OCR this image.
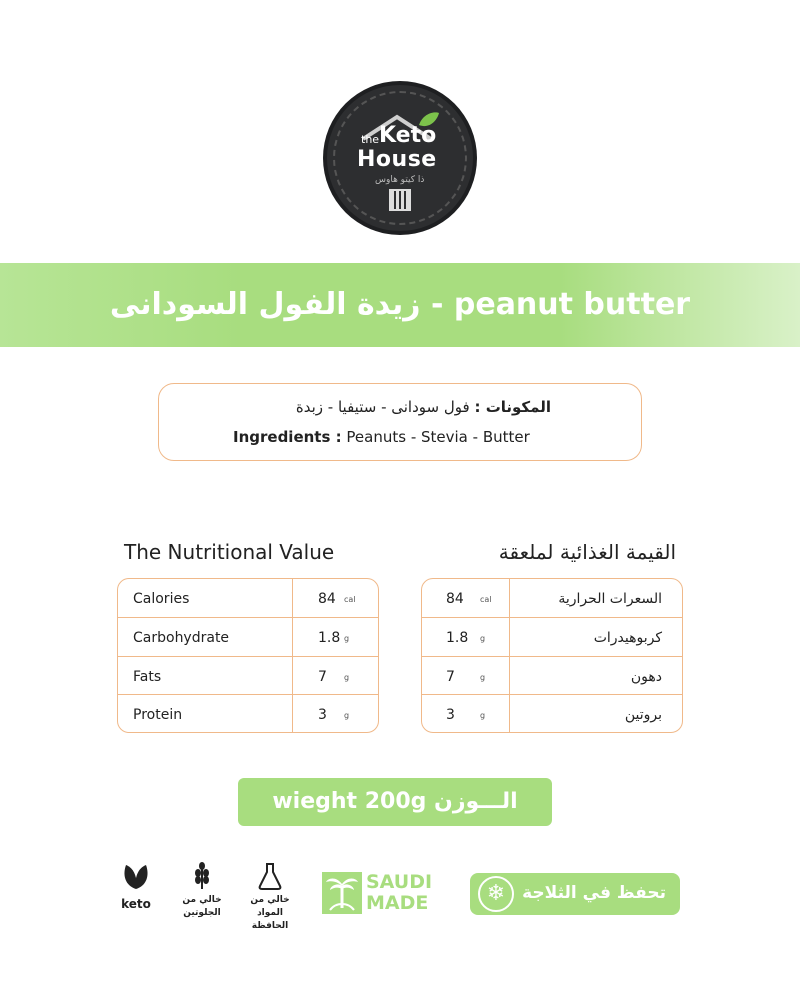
the Keto
House
ذا كيتو هاوس
زيدة الفول السودانى - peanut butter
المكونات : فول سودانى - ستيفيا - زبدة
Ingredients : Peanuts - Stevia - Butter
The Nutritional Value	القيمة الغذائية لملعقة
Calories	84 cal
Carbohydrate	1.8 g
Fats	7 g
Protein	3 g
84 cal	السعرات الحرارية
1.8 g	كربوهيدرات
7	g	دهون
3	g	بروتين
wieght 200g الـــوزن
keto	خالي من الجلوتين
خالي من المواد الحافظة
SAUDI
MADE	❄ تحفظ في الثلاجة
